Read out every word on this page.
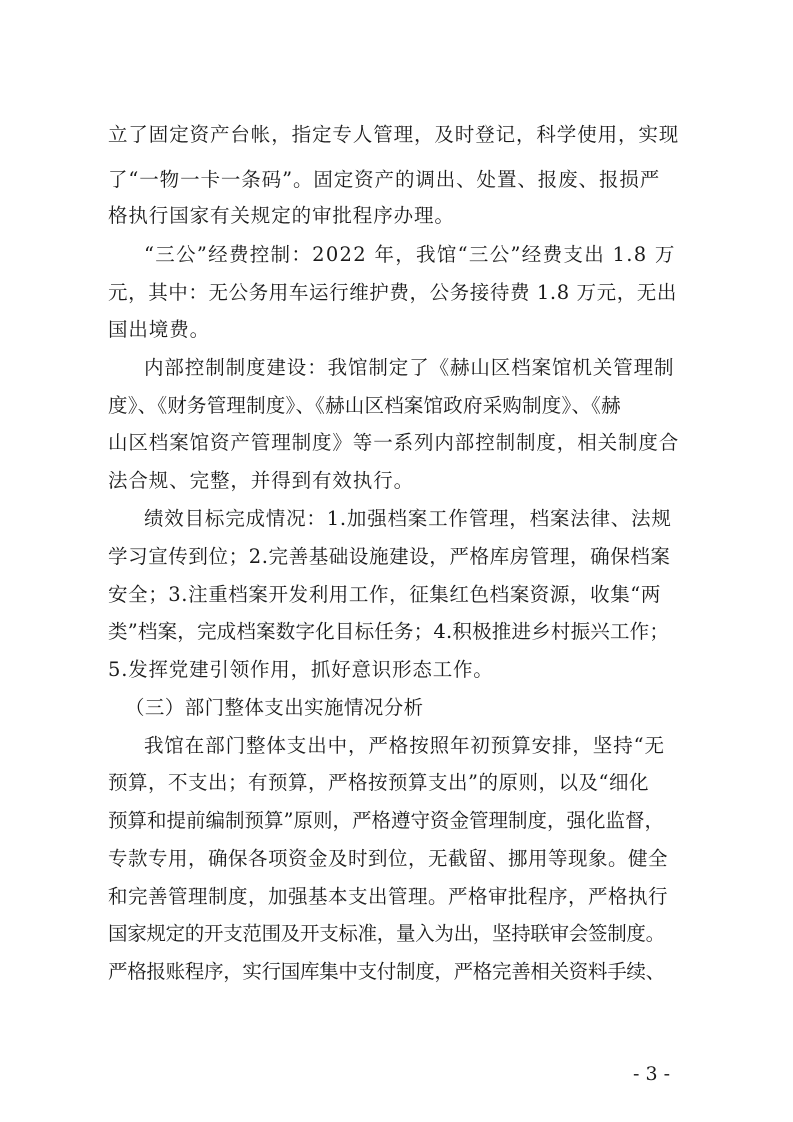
立了固定资产台帐，指定专人管理，及时登记，科学使用，实现
了“一物一卡一条码”。固定资产的调出、处置、报废、报损严
格执行国家有关规定的审批程序办理。
“三公”经费控制：2022 年，我馆“三公”经费支出 1.8 万
元，其中：无公务用车运行维护费，公务接待费 1.8 万元，无出
国出境费。
内部控制制度建设：我馆制定了《赫山区档案馆机关管理制
度》、《财务管理制度》、《赫山区档案馆政府采购制度》、《赫
山区档案馆资产管理制度》等一系列内部控制制度，相关制度合
法合规、完整，并得到有效执行。
绩效目标完成情况：1.加强档案工作管理，档案法律、法规
学习宣传到位；2.完善基础设施建设，严格库房管理，确保档案
安全；3.注重档案开发利用工作，征集红色档案资源，收集“两
类”档案，完成档案数字化目标任务；4.积极推进乡村振兴工作；
5.发挥党建引领作用，抓好意识形态工作。
（三）部门整体支出实施情况分析
我馆在部门整体支出中，严格按照年初预算安排，坚持“无
预算，不支出；有预算，严格按预算支出”的原则，以及“细化
预算和提前编制预算”原则，严格遵守资金管理制度，强化监督，
专款专用，确保各项资金及时到位，无截留、挪用等现象。健全
和完善管理制度，加强基本支出管理。严格审批程序，严格执行
国家规定的开支范围及开支标准，量入为出，坚持联审会签制度。
严格报账程序，实行国库集中支付制度，严格完善相关资料手续、
- 3 -
